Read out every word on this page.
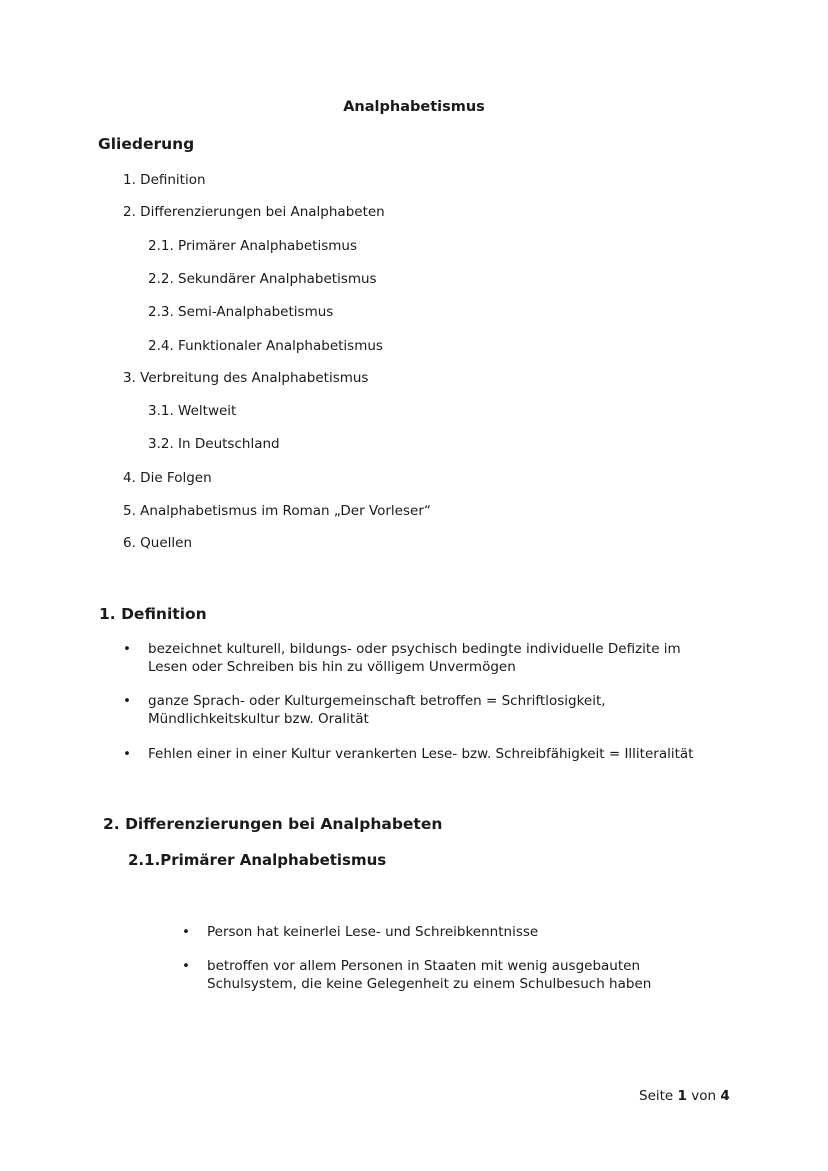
Analphabetismus
Gliederung
1. Definition
2. Differenzierungen bei Analphabeten
2.1. Primärer Analphabetismus
2.2. Sekundärer Analphabetismus
2.3. Semi-Analphabetismus
2.4. Funktionaler Analphabetismus
3. Verbreitung des Analphabetismus
3.1. Weltweit
3.2. In Deutschland
4. Die Folgen
5. Analphabetismus im Roman „Der Vorleser“
6. Quellen
1. Definition
• bezeichnet kulturell, bildungs- oder psychisch bedingte individuelle Defizite im Lesen oder Schreiben bis hin zu völligem Unvermögen
• ganze Sprach- oder Kulturgemeinschaft betroffen = Schriftlosigkeit, Mündlichkeitskultur bzw. Oralität
• Fehlen einer in einer Kultur verankerten Lese- bzw. Schreibfähigkeit = Illiteralität
2. Differenzierungen bei Analphabeten
2.1.Primärer Analphabetismus
• Person hat keinerlei Lese- und Schreibkenntnisse
• betroffen vor allem Personen in Staaten mit wenig ausgebauten Schulsystem, die keine Gelegenheit zu einem Schulbesuch haben
Seite 1 von 4
